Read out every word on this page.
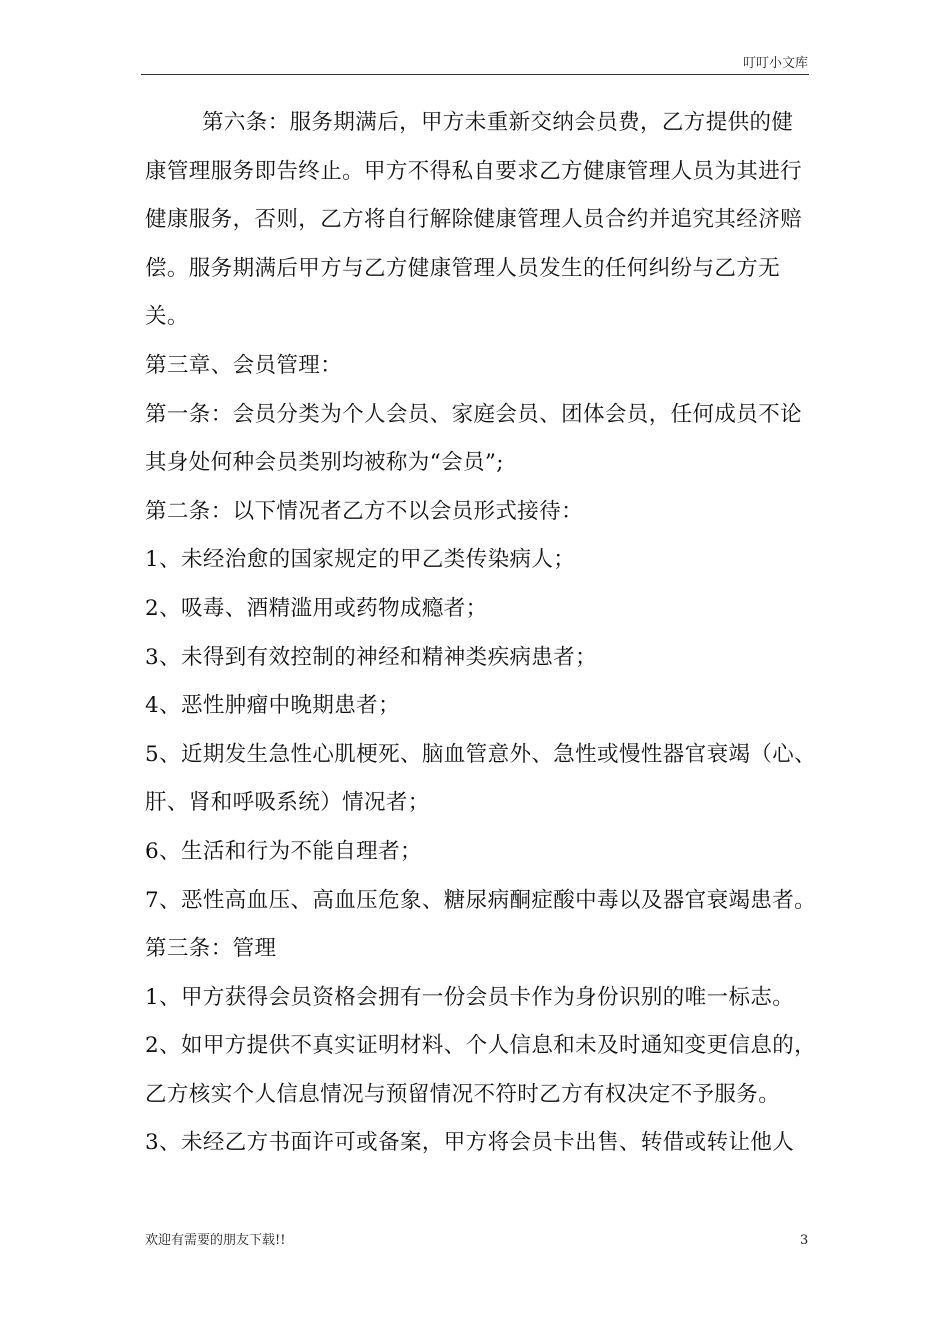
叮叮小文库
第六条：服务期满后，甲方未重新交纳会员费，乙方提供的健
康管理服务即告终止。甲方不得私自要求乙方健康管理人员为其进行
健康服务，否则，乙方将自行解除健康管理人员合约并追究其经济赔
偿。服务期满后甲方与乙方健康管理人员发生的任何纠纷与乙方无
关。
第三章、会员管理：
第一条：会员分类为个人会员、家庭会员、团体会员，任何成员不论
其身处何种会员类别均被称为“会员”;
第二条：以下情况者乙方不以会员形式接待：
1、未经治愈的国家规定的甲乙类传染病人；
2、吸毒、酒精滥用或药物成瘾者；
3、未得到有效控制的神经和精神类疾病患者；
4、恶性肿瘤中晚期患者；
5、近期发生急性心肌梗死、脑血管意外、急性或慢性器官衰竭（心、
肝、肾和呼吸系统）情况者；
6、生活和行为不能自理者；
7、恶性高血压、高血压危象、糖尿病酮症酸中毒以及器官衰竭患者。
第三条：管理
1、甲方获得会员资格会拥有一份会员卡作为身份识别的唯一标志。
2、如甲方提供不真实证明材料、个人信息和未及时通知变更信息的，
乙方核实个人信息情况与预留情况不符时乙方有权决定不予服务。
3、未经乙方书面许可或备案，甲方将会员卡出售、转借或转让他人
欢迎有需要的朋友下载!!	3
